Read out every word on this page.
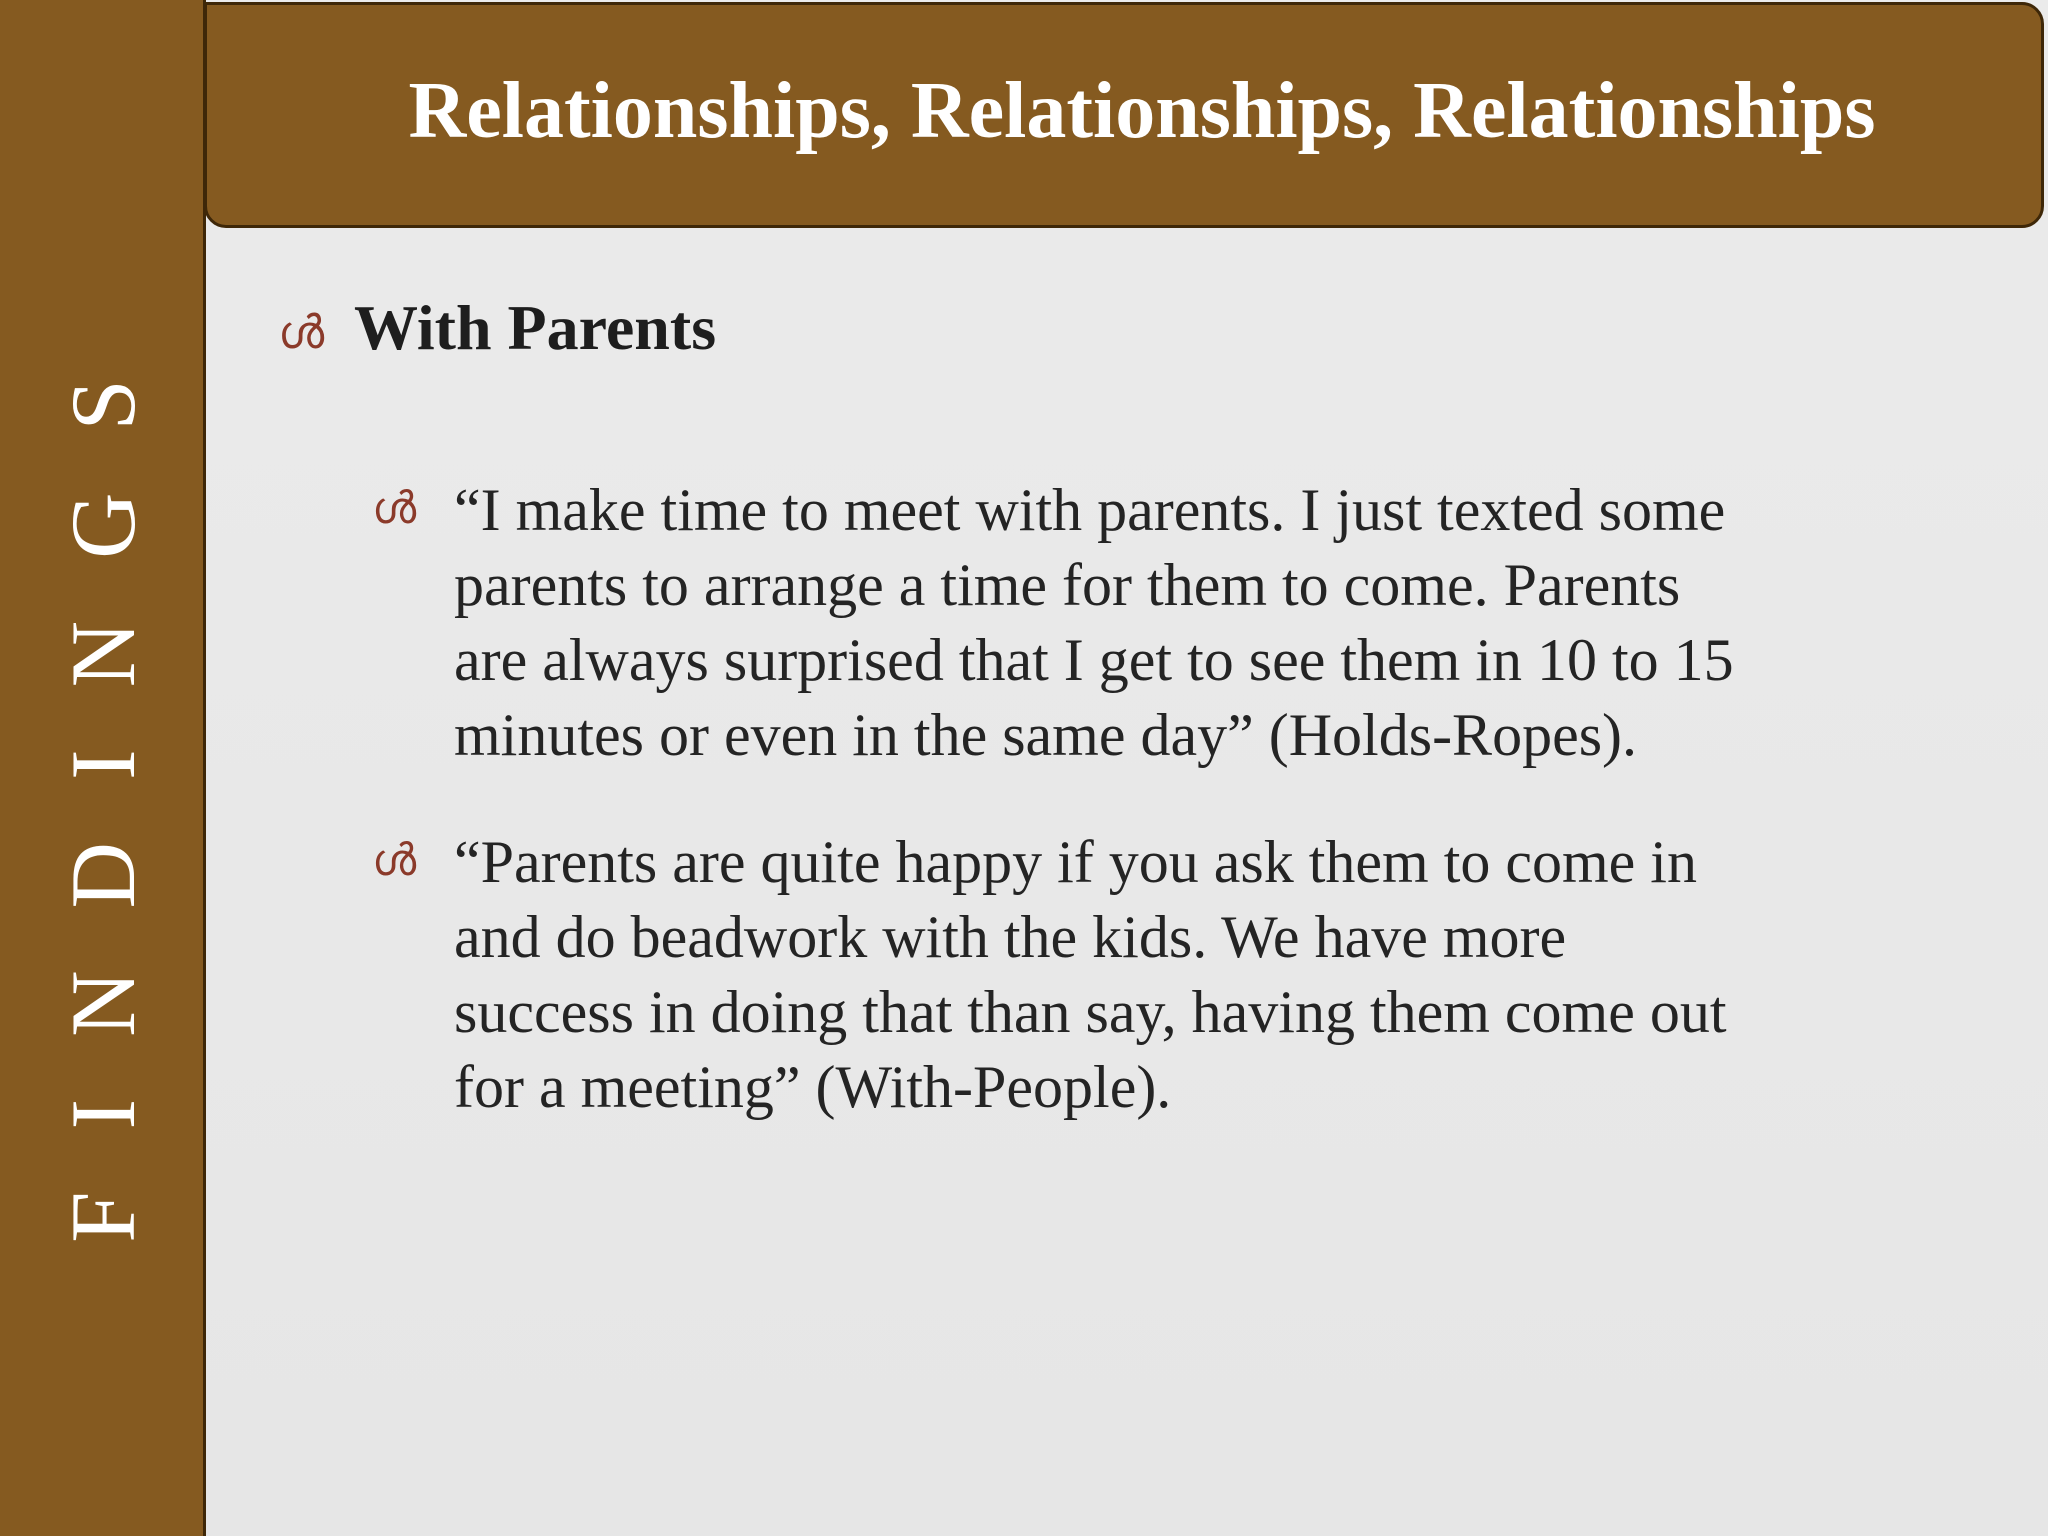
FINDINGS
Relationships, Relationships, Relationships
ൾ With Parents
ൾ “I make time to meet with parents. I just texted some
parents to arrange a time for them to come. Parents
are always surprised that I get to see them in 10 to 15
minutes or even in the same day” (Holds-Ropes).
ൾ “Parents are quite happy if you ask them to come in
and do beadwork with the kids. We have more
success in doing that than say, having them come out
for a meeting” (With-People).
